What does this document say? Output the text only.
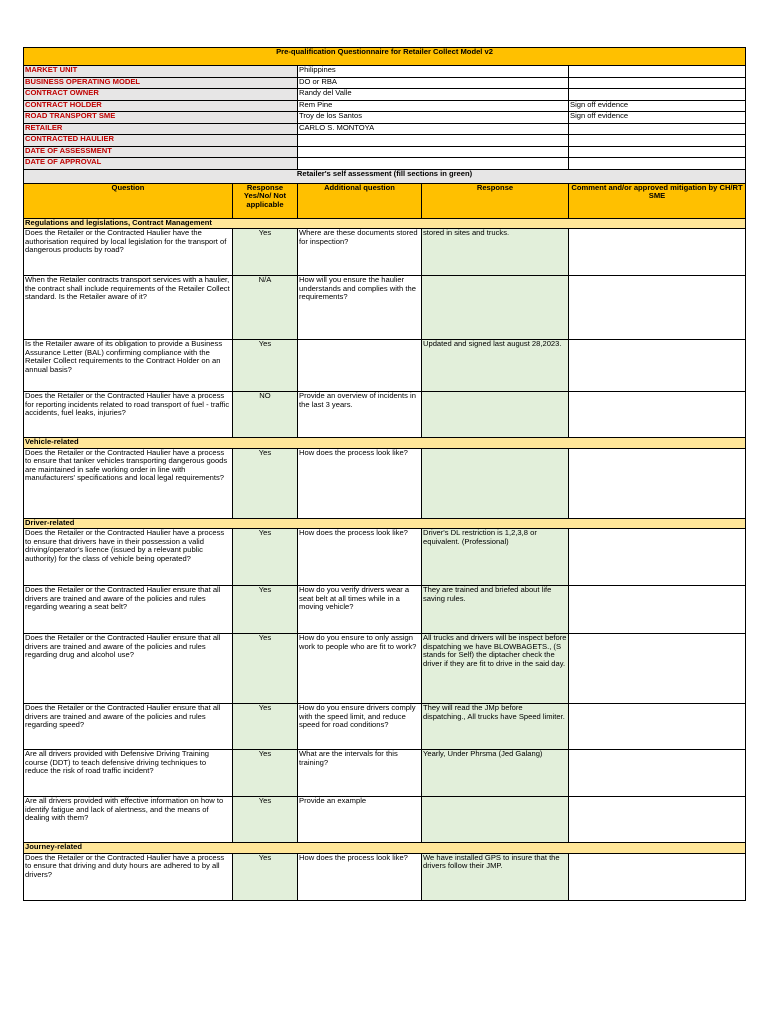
Pre-qualification Questionnaire for Retailer Collect Model v2				
MARKET UNIT		Philippines		
BUSINESS OPERATING MODEL		DO or RBA		
CONTRACT OWNER		Randy del Valle		
CONTRACT HOLDER		Rem Pine		Sign off evidence
ROAD TRANSPORT SME		Troy de los Santos		Sign off evidence
RETAILER		CARLO S. MONTOYA		
CONTRACTED HAULIER				
DATE OF ASSESSMENT				
DATE OF APPROVAL				
Retailer's self assessment (fill sections in green)				
Question	Response Yes/No/ Not applicable	Additional question	Response	Comment and/or approved mitigation by CH/RT SME
Regulations and legislations, Contract Management				
Does the Retailer or the Contracted Haulier have the authorisation required by local legislation for the transport of dangerous products by road?	Yes	Where are these documents stored for inspection?	stored in sites and trucks.	
When the Retailer contracts transport services with a haulier, the contract shall include requirements of the Retailer Collect standard. Is the Retailer aware of it?	N/A	How will you ensure the haulier understands and complies with the requirements?		
Is the Retailer aware of its obligation to provide a Business Assurance Letter (BAL) confirming compliance with the Retailer Collect requirements to the Contract Holder on an annual basis?	Yes		Updated and signed last august 28,2023.	
Does the Retailer or the Contracted Haulier have a process for reporting incidents related to road transport of fuel - traffic accidents, fuel leaks, injuries?	NO	Provide an overview of incidents in the last 3 years.		
Vehicle-related				
Does the Retailer or the Contracted Haulier have a process to ensure that tanker vehicles transporting dangerous goods are maintained in safe working order in line with manufacturers' specifications and local legal requirements?	Yes	How does the process look like?		
Driver-related				
Does the Retailer or the Contracted Haulier have a process to ensure that drivers have in their possession a valid driving/operator's licence (issued by a relevant public authority) for the class of vehicle being operated?	Yes	How does the process look like?	Driver's DL restriction is 1,2,3,8 or equivalent. (Professional)	
Does the Retailer or the Contracted Haulier ensure that all drivers are trained and aware of the policies and rules regarding wearing a seat belt?	Yes	How do you verify drivers wear a seat belt at all times while in a moving vehicle?	They are trained and briefed about life saving rules.	
Does the Retailer or the Contracted Haulier ensure that all drivers are trained and aware of the policies and rules regarding drug and alcohol use?	Yes	How do you ensure to only assign work to people who are fit to work?	All trucks and drivers will be inspect before dispatching we have BLOWBAGETS., (S stands for Self) the diptacher check the driver if they are fit to drive in the said day.	
Does the Retailer or the Contracted Haulier ensure that all drivers are trained and aware of the policies and rules regarding speed?	Yes	How do you ensure drivers comply with the speed limit, and reduce speed for road conditions?	They will read the JMp before dispatching., All trucks have Speed limiter.	
Are all drivers provided with Defensive Driving Training course (DDT) to teach defensive driving techniques to reduce the risk of road traffic incident?	Yes	What are the intervals for this training?	Yearly, Under Phrsma (Jed Galang)	
Are all drivers provided with effective information on how to identify fatigue and lack of alertness, and the means of dealing with them?	Yes	Provide an example		
Journey-related				
Does the Retailer or the Contracted Haulier have a process to ensure that driving and duty hours are adhered to by all drivers?	Yes	How does the process look like?	We have installed GPS to insure that the drivers follow their JMP.	
